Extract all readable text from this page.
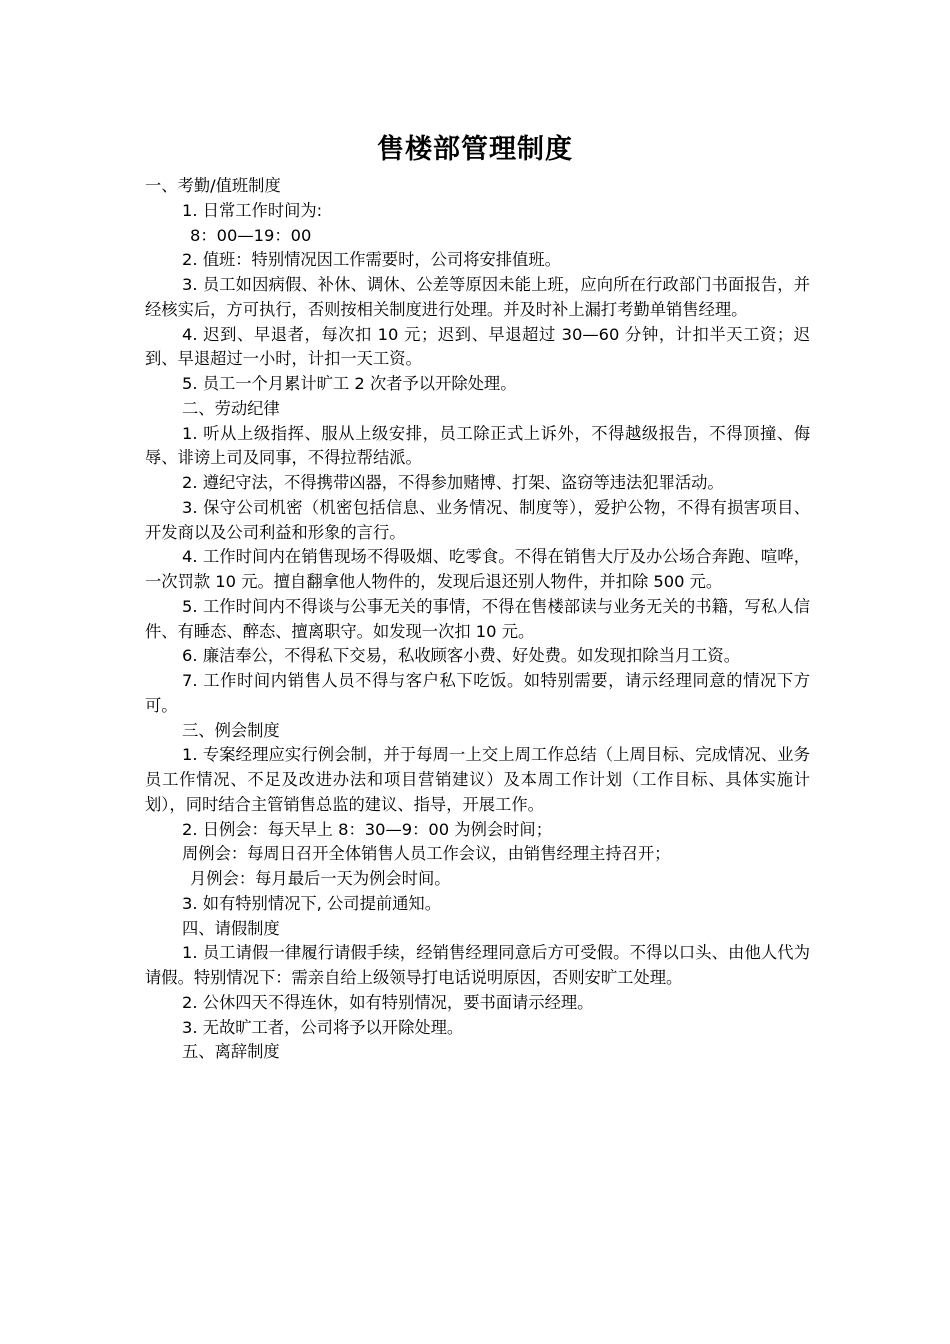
售楼部管理制度

一、考勤/值班制度

1. 日常工作时间为:

8：00—19：00

2. 值班：特别情况因工作需要时，公司将安排值班。

3. 员工如因病假、补休、调休、公差等原因未能上班，应向所在行政部门书面报告，并经核实后，方可执行，否则按相关制度进行处理。并及时补上漏打考勤单销售经理。

4. 迟到、早退者，每次扣 10 元；迟到、早退超过 30—60 分钟，计扣半天工资；迟到、早退超过一小时，计扣一天工资。

5. 员工一个月累计旷工 2 次者予以开除处理。

二、劳动纪律

1. 听从上级指挥、服从上级安排，员工除正式上诉外，不得越级报告，不得顶撞、侮辱、诽谤上司及同事，不得拉帮结派。

2. 遵纪守法，不得携带凶器，不得参加赌博、打架、盗窃等违法犯罪活动。

3. 保守公司机密（机密包括信息、业务情况、制度等），爱护公物，不得有损害项目、开发商以及公司利益和形象的言行。

4. 工作时间内在销售现场不得吸烟、吃零食。不得在销售大厅及办公场合奔跑、喧哗，一次罚款 10 元。擅自翻拿他人物件的，发现后退还别人物件，并扣除 500 元。

5. 工作时间内不得谈与公事无关的事情，不得在售楼部读与业务无关的书籍，写私人信件、有睡态、醉态、擅离职守。如发现一次扣 10 元。

6. 廉洁奉公，不得私下交易，私收顾客小费、好处费。如发现扣除当月工资。

7. 工作时间内销售人员不得与客户私下吃饭。如特别需要，请示经理同意的情况下方可。

三、例会制度

1. 专案经理应实行例会制，并于每周一上交上周工作总结（上周目标、完成情况、业务员工作情况、不足及改进办法和项目营销建议）及本周工作计划（工作目标、具体实施计划），同时结合主管销售总监的建议、指导，开展工作。

2. 日例会：每天早上 8：30—9：00 为例会时间；

周例会：每周日召开全体销售人员工作会议，由销售经理主持召开；

月例会：每月最后一天为例会时间。

3. 如有特别情况下, 公司提前通知。

四、请假制度

1. 员工请假一律履行请假手续，经销售经理同意后方可受假。不得以口头、由他人代为请假。特别情况下：需亲自给上级领导打电话说明原因，否则安旷工处理。

2. 公休四天不得连休，如有特别情况，要书面请示经理。

3. 无故旷工者，公司将予以开除处理。

五、离辞制度
